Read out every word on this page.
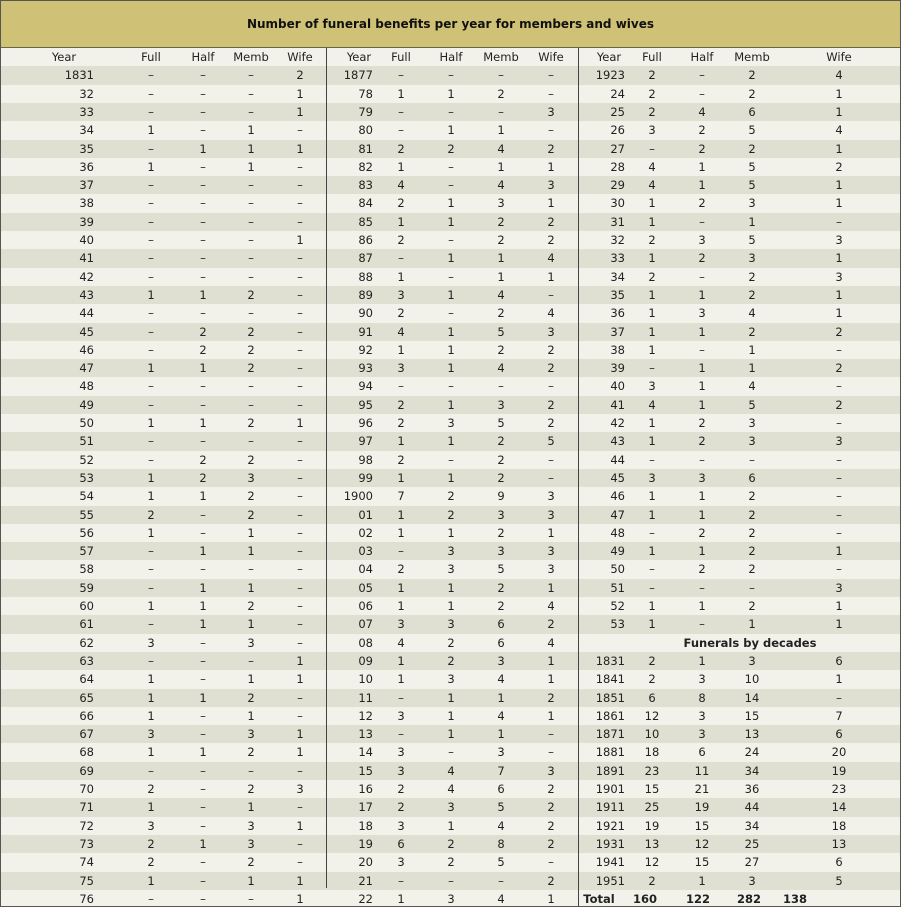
Number of funeral benefits per year for members and wives
Year	Full	Half	Memb	Wife	Year	Full	Half	Memb	Wife	Year	Full	Half	Memb	Wife
1831	–	–	–	2	1877	–	–	–	–	1923	2	–	2	4
32	–	–	–	1	78	1	1	2	–	24	2	–	2	1
33	–	–	–	1	79	–	–	–	3	25	2	4	6	1
34	1	–	1	–	80	–	1	1	–	26	3	2	5	4
35	–	1	1	1	81	2	2	4	2	27	–	2	2	1
36	1	–	1	–	82	1	–	1	1	28	4	1	5	2
37	–	–	–	–	83	4	–	4	3	29	4	1	5	1
38	–	–	–	–	84	2	1	3	1	30	1	2	3	1
39	–	–	–	–	85	1	1	2	2	31	1	–	1	–
40	–	–	–	1	86	2	–	2	2	32	2	3	5	3
41	–	–	–	–	87	–	1	1	4	33	1	2	3	1
42	–	–	–	–	88	1	–	1	1	34	2	–	2	3
43	1	1	2	–	89	3	1	4	–	35	1	1	2	1
44	–	–	–	–	90	2	–	2	4	36	1	3	4	1
45	–	2	2	–	91	4	1	5	3	37	1	1	2	2
46	–	2	2	–	92	1	1	2	2	38	1	–	1	–
47	1	1	2	–	93	3	1	4	2	39	–	1	1	2
48	–	–	–	–	94	–	–	–	–	40	3	1	4	–
49	–	–	–	–	95	2	1	3	2	41	4	1	5	2
50	1	1	2	1	96	2	3	5	2	42	1	2	3	–
51	–	–	–	–	97	1	1	2	5	43	1	2	3	3
52	–	2	2	–	98	2	–	2	–	44	–	–	–	–
53	1	2	3	–	99	1	1	2	–	45	3	3	6	–
54	1	1	2	–	1900	7	2	9	3	46	1	1	2	–
55	2	–	2	–	01	1	2	3	3	47	1	1	2	–
56	1	–	1	–	02	1	1	2	1	48	–	2	2	–
57	–	1	1	–	03	–	3	3	3	49	1	1	2	1
58	–	–	–	–	04	2	3	5	3	50	–	2	2	–
59	–	1	1	–	05	1	1	2	1	51	–	–	–	3
60	1	1	2	–	06	1	1	2	4	52	1	1	2	1
61	–	1	1	–	07	3	3	6	2	53	1	–	1	1
62	3	–	3	–	08	4	2	6	4	Funerals by decades
63	–	–	–	1	09	1	2	3	1	1831	2	1	3	6
64	1	–	1	1	10	1	3	4	1	1841	2	3	10	1
65	1	1	2	–	11	–	1	1	2	1851	6	8	14	–
66	1	–	1	–	12	3	1	4	1	1861	12	3	15	7
67	3	–	3	1	13	–	1	1	–	1871	10	3	13	6
68	1	1	2	1	14	3	–	3	–	1881	18	6	24	20
69	–	–	–	–	15	3	4	7	3	1891	23	11	34	19
70	2	–	2	3	16	2	4	6	2	1901	15	21	36	23
71	1	–	1	–	17	2	3	5	2	1911	25	19	44	14
72	3	–	3	1	18	3	1	4	2	1921	19	15	34	18
73	2	1	3	–	19	6	2	8	2	1931	13	12	25	13
74	2	–	2	–	20	3	2	5	–	1941	12	15	27	6
75	1	–	1	1	21	–	–	–	2	1951	2	1	3	5
76	–	–	–	1	22	1	3	4	1	Total	160	122	282	138
